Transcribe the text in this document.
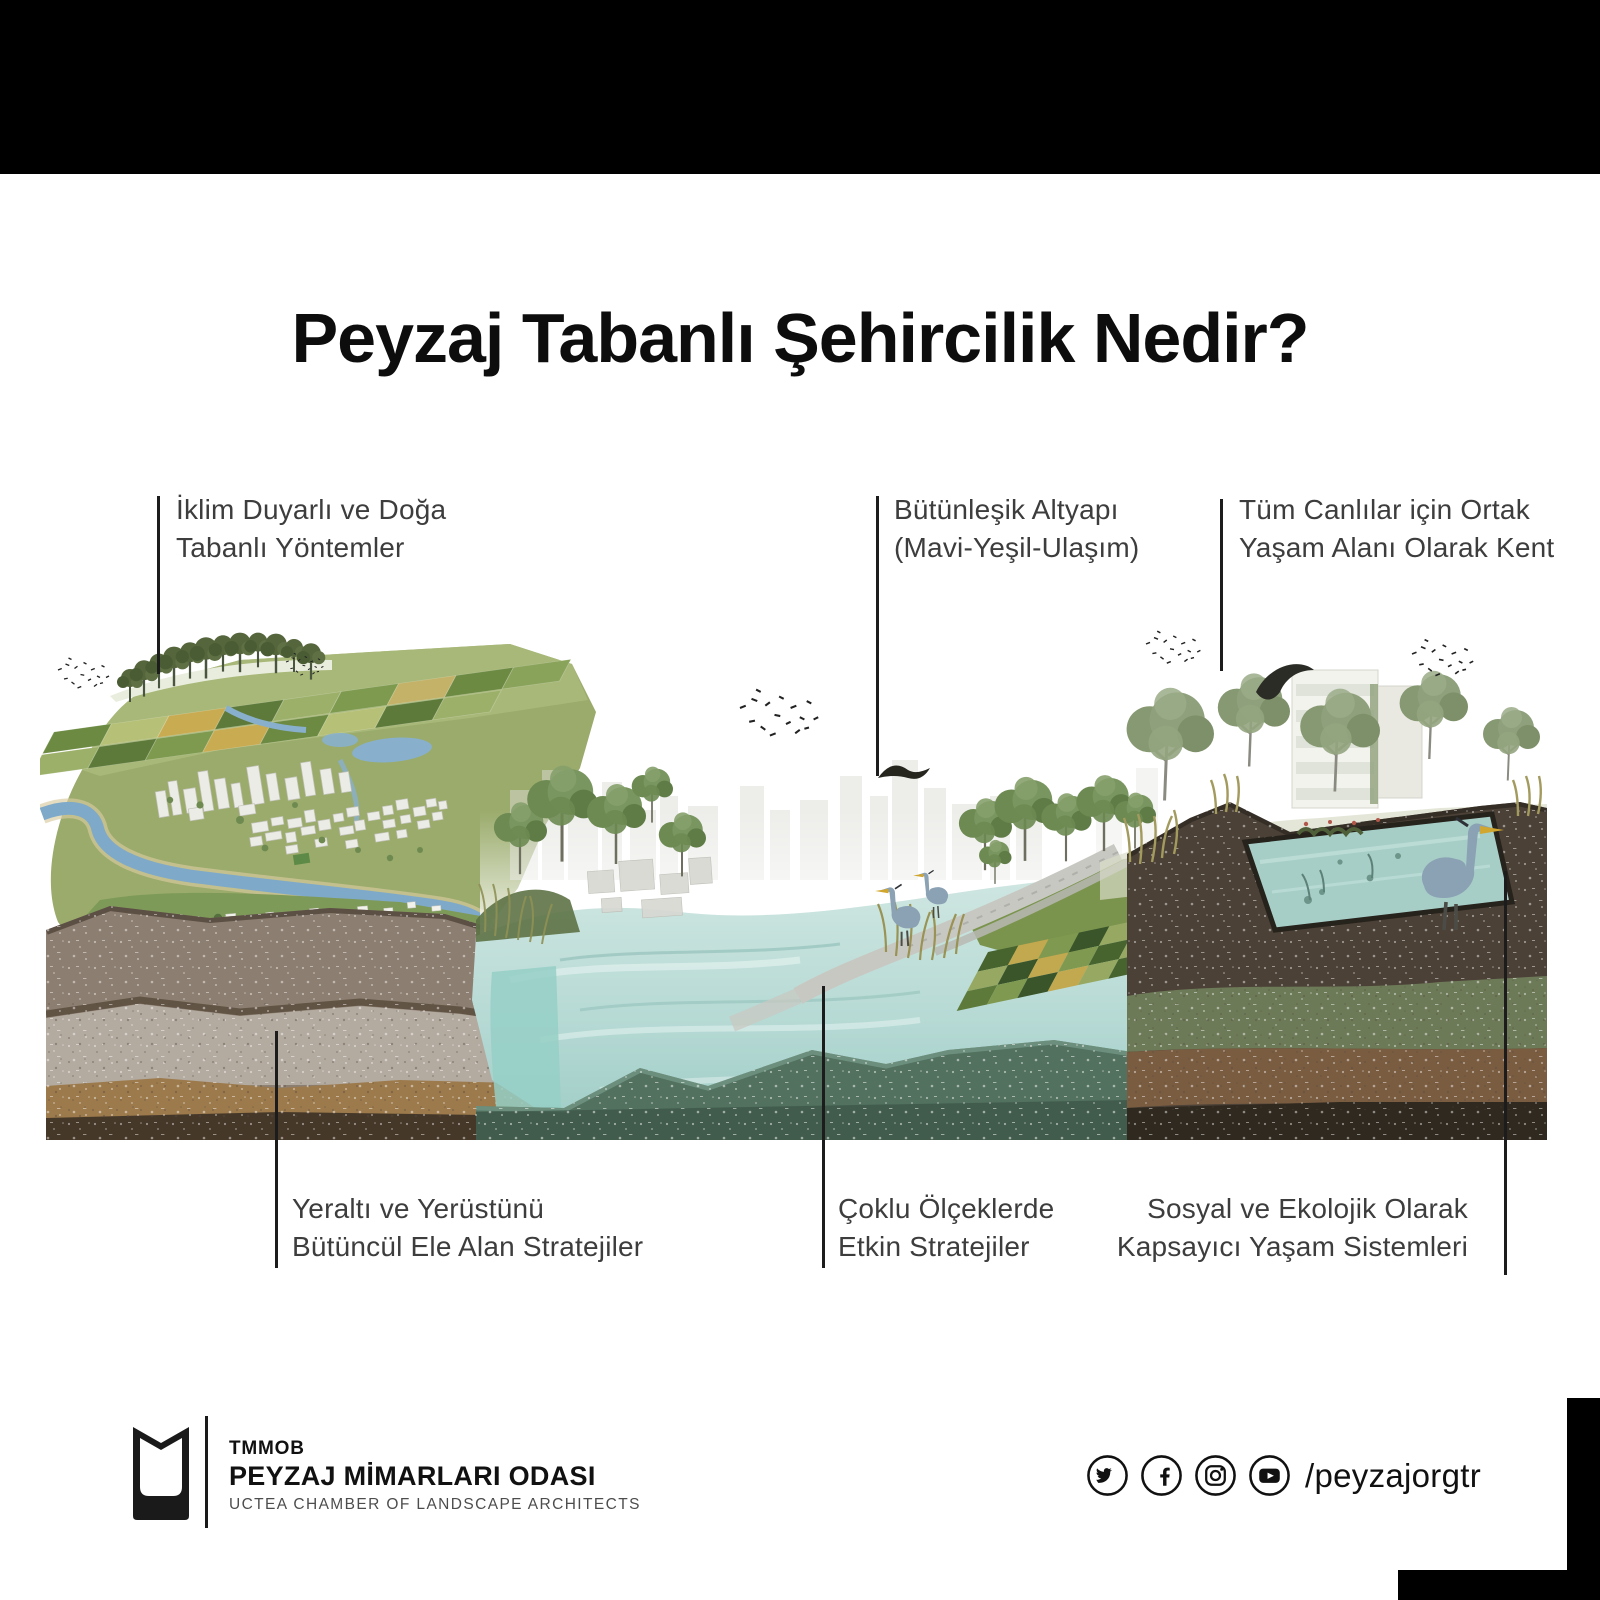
Peyzaj Tabanlı Şehircilik Nedir?
İklim Duyarlı ve Doğa
Tabanlı Yöntemler
Bütünleşik Altyapı
(Mavi-Yeşil-Ulaşım)
Tüm Canlılar için Ortak
Yaşam Alanı Olarak Kent
Yeraltı ve Yerüstünü
Bütüncül Ele Alan Stratejiler
Çoklu Ölçeklerde
Etkin Stratejiler
Sosyal ve Ekolojik Olarak
Kapsayıcı Yaşam Sistemleri
TMMOB
PEYZAJ MİMARLARI ODASI
UCTEA CHAMBER OF LANDSCAPE ARCHITECTS
/peyzajorgtr
